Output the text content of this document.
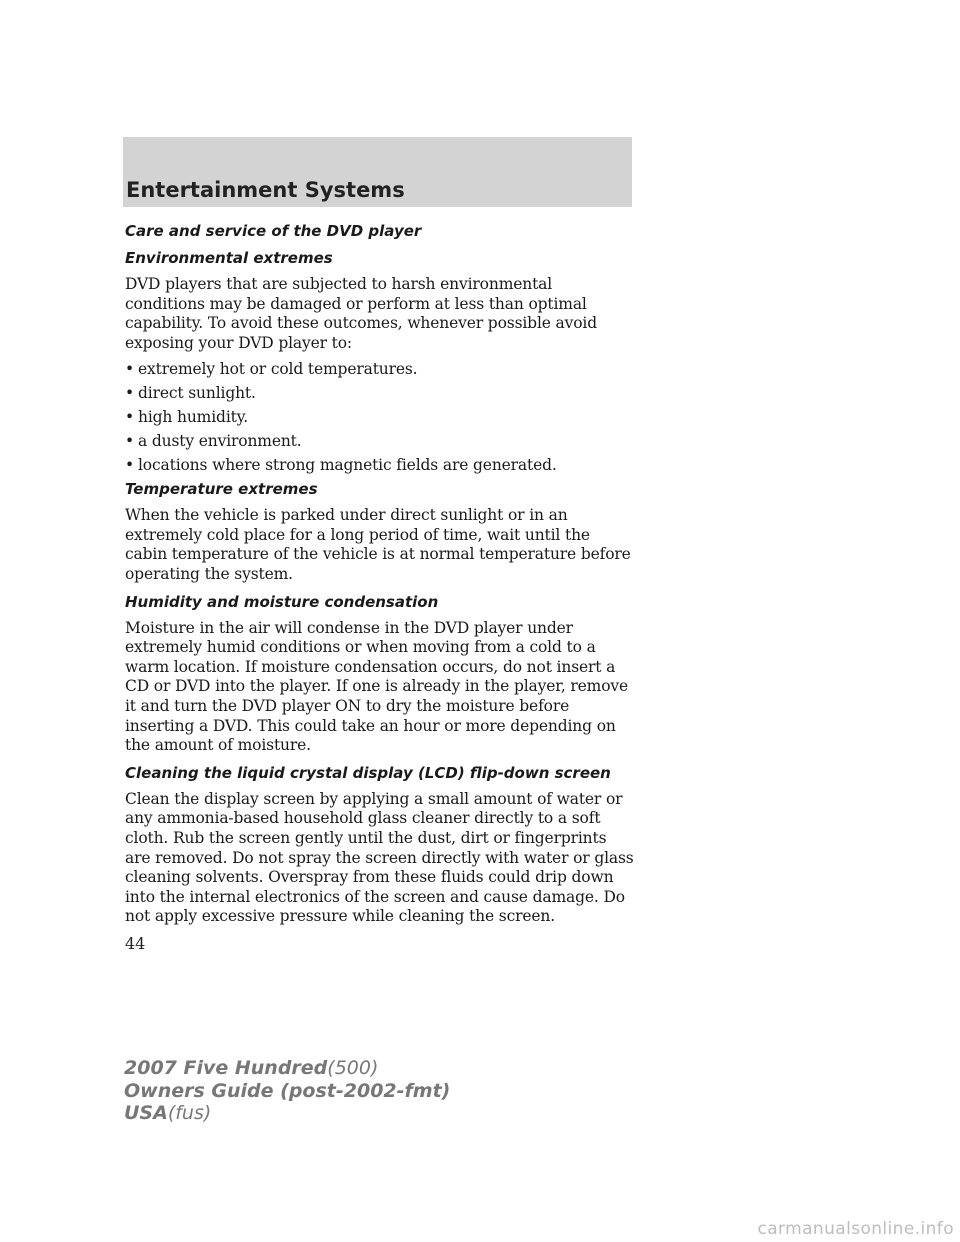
Entertainment Systems
Care and service of the DVD player
Environmental extremes

DVD players that are subjected to harsh environmental conditions may be damaged or perform at less than optimal capability. To avoid these outcomes, whenever possible avoid exposing your DVD player to:

• extremely hot or cold temperatures.
• direct sunlight.
• high humidity.
• a dusty environment.
• locations where strong magnetic fields are generated.
Temperature extremes

When the vehicle is parked under direct sunlight or in an extremely cold place for a long period of time, wait until the cabin temperature of the vehicle is at normal temperature before operating the system.

Humidity and moisture condensation

Moisture in the air will condense in the DVD player under extremely humid conditions or when moving from a cold to a warm location. If moisture condensation occurs, do not insert a CD or DVD into the player. If one is already in the player, remove it and turn the DVD player ON to dry the moisture before inserting a DVD. This could take an hour or more depending on the amount of moisture.

Cleaning the liquid crystal display (LCD) flip-down screen

Clean the display screen by applying a small amount of water or any ammonia-based household glass cleaner directly to a soft cloth. Rub the screen gently until the dust, dirt or fingerprints are removed. Do not spray the screen directly with water or glass cleaning solvents. Overspray from these fluids could drip down into the internal electronics of the screen and cause damage. Do not apply excessive pressure while cleaning the screen.

44
2007 Five Hundred(500)
Owners Guide (post-2002-fmt)
USA(fus)
carmanualsonline.info
